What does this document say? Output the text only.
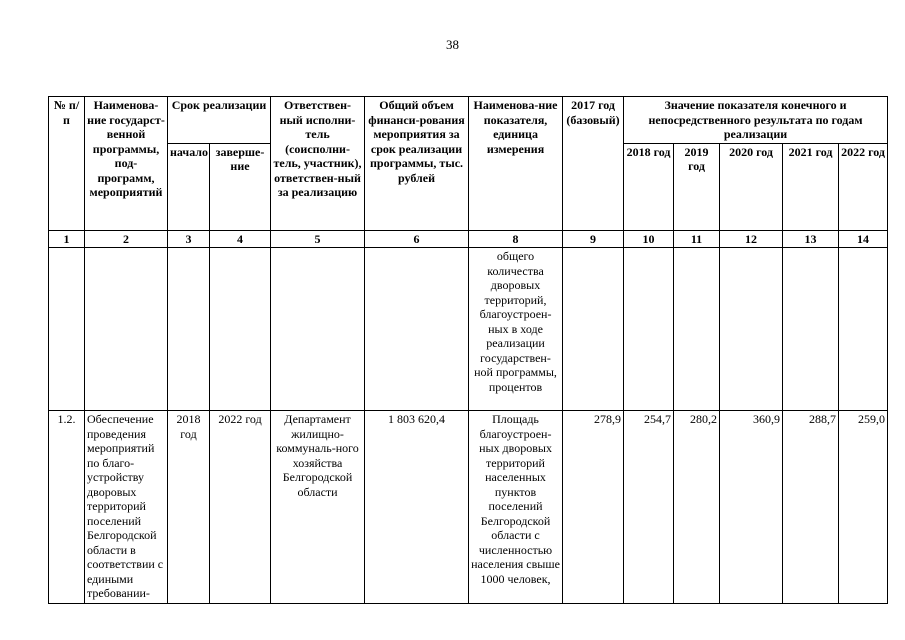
38
№ п/п	Наименова-ние государст-венной программы, под-программ, мероприятий	Срок реализации		Ответствен-ный исполни-тель (соисполни-тель, участник), ответствен-ный за реализацию	Общий объем финанси-рования мероприятия за срок реализации программы, тыс. рублей	Наименова-ние показателя, единица измерения	2017 год (базовый)	Значение показателя конечного и непосредственного результата по годам реализации				
		начало	заверше-ние					2018 год	2019 год	2020 год	2021 год	2022 год

1	2	3	4	5	6	8	9	10	11	12	13	14
						общего количества дворовых территорий, благоустроен-ных в ходе реализации государствен-ной программы, процентов						
1.2.	Обеспечение проведения мероприятий по благо-устройству дворовых территорий поселений Белгородской области в соответствии с едиными требовании-	2018 год	2022 год	Департамент жилищно-коммуналь-ного хозяйства Белгородской области	1 803 620,4	Площадь благоустроен-ных дворовых территорий населенных пунктов поселений Белгородской области с численностью населения свыше 1000 человек,	278,9	254,7	280,2	360,9	288,7	259,0
